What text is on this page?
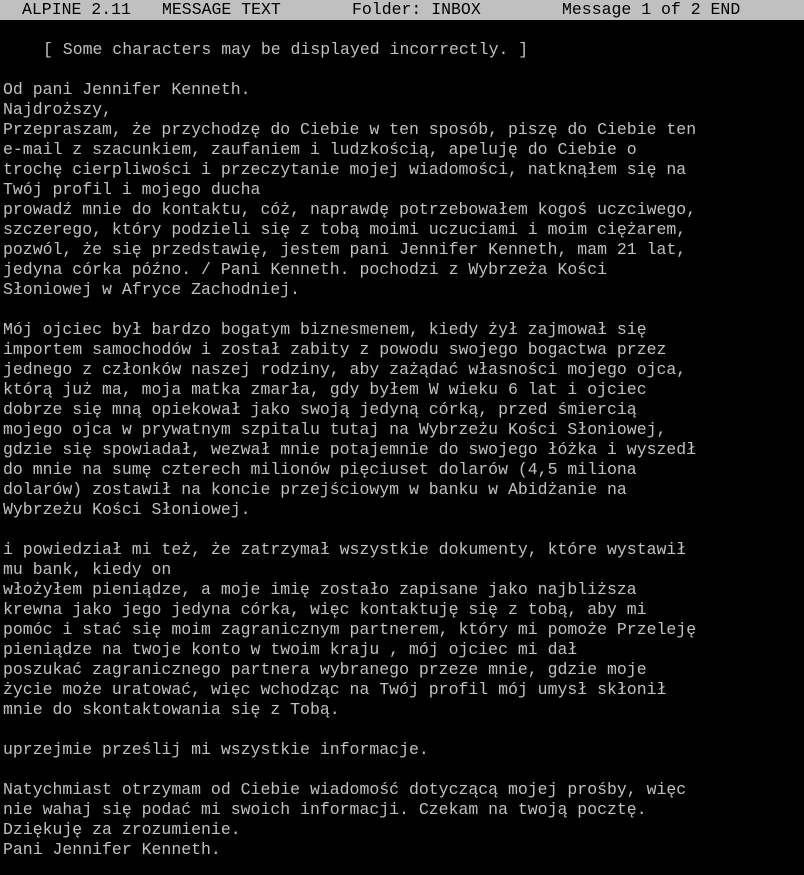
ALPINE 2.11

MESSAGE TEXT

	Folder: INBOX

	Message 1 of 2 END

[ Some characters may be displayed incorrectly. ]
Od pani Jennifer Kenneth.
Najdroższy,
Przepraszam, że przychodzę do Ciebie w ten sposób, piszę do Ciebie ten
e-mail z szacunkiem, zaufaniem i ludzkością, apeluję do Ciebie o
trochę cierpliwości i przeczytanie mojej wiadomości, natknąłem się na
Twój profil i mojego ducha
prowadź mnie do kontaktu, cóż, naprawdę potrzebowałem kogoś uczciwego,
szczerego, który podzieli się z tobą moimi uczuciami i moim ciężarem,
pozwól, że się przedstawię, jestem pani Jennifer Kenneth, mam 21 lat,
jedyna córka późno. / Pani Kenneth. pochodzi z Wybrzeża Kości
Słoniowej w Afryce Zachodniej.
Mój ojciec był bardzo bogatym biznesmenem, kiedy żył zajmował się
importem samochodów i został zabity z powodu swojego bogactwa przez
jednego z członków naszej rodziny, aby zażądać własności mojego ojca,
którą już ma, moja matka zmarła, gdy byłem W wieku 6 lat i ojciec
dobrze się mną opiekował jako swoją jedyną córką, przed śmiercią
mojego ojca w prywatnym szpitalu tutaj na Wybrzeżu Kości Słoniowej,
gdzie się spowiadał, wezwał mnie potajemnie do swojego łóżka i wyszedł
do mnie na sumę czterech milionów pięciuset dolarów (4,5 miliona
dolarów) zostawił na koncie przejściowym w banku w Abidżanie na
Wybrzeżu Kości Słoniowej.
i powiedział mi też, że zatrzymał wszystkie dokumenty, które wystawił
mu bank, kiedy on
włożyłem pieniądze, a moje imię zostało zapisane jako najbliższa
krewna jako jego jedyna córka, więc kontaktuję się z tobą, aby mi
pomóc i stać się moim zagranicznym partnerem, który mi pomoże Przeleję
pieniądze na twoje konto w twoim kraju , mój ojciec mi dał
poszukać zagranicznego partnera wybranego przeze mnie, gdzie moje
życie może uratować, więc wchodząc na Twój profil mój umysł skłonił
mnie do skontaktowania się z Tobą.
uprzejmie prześlij mi wszystkie informacje.
Natychmiast otrzymam od Ciebie wiadomość dotyczącą mojej prośby, więc
nie wahaj się podać mi swoich informacji. Czekam na twoją pocztę.
Dziękuję za zrozumienie.
Pani Jennifer Kenneth.
